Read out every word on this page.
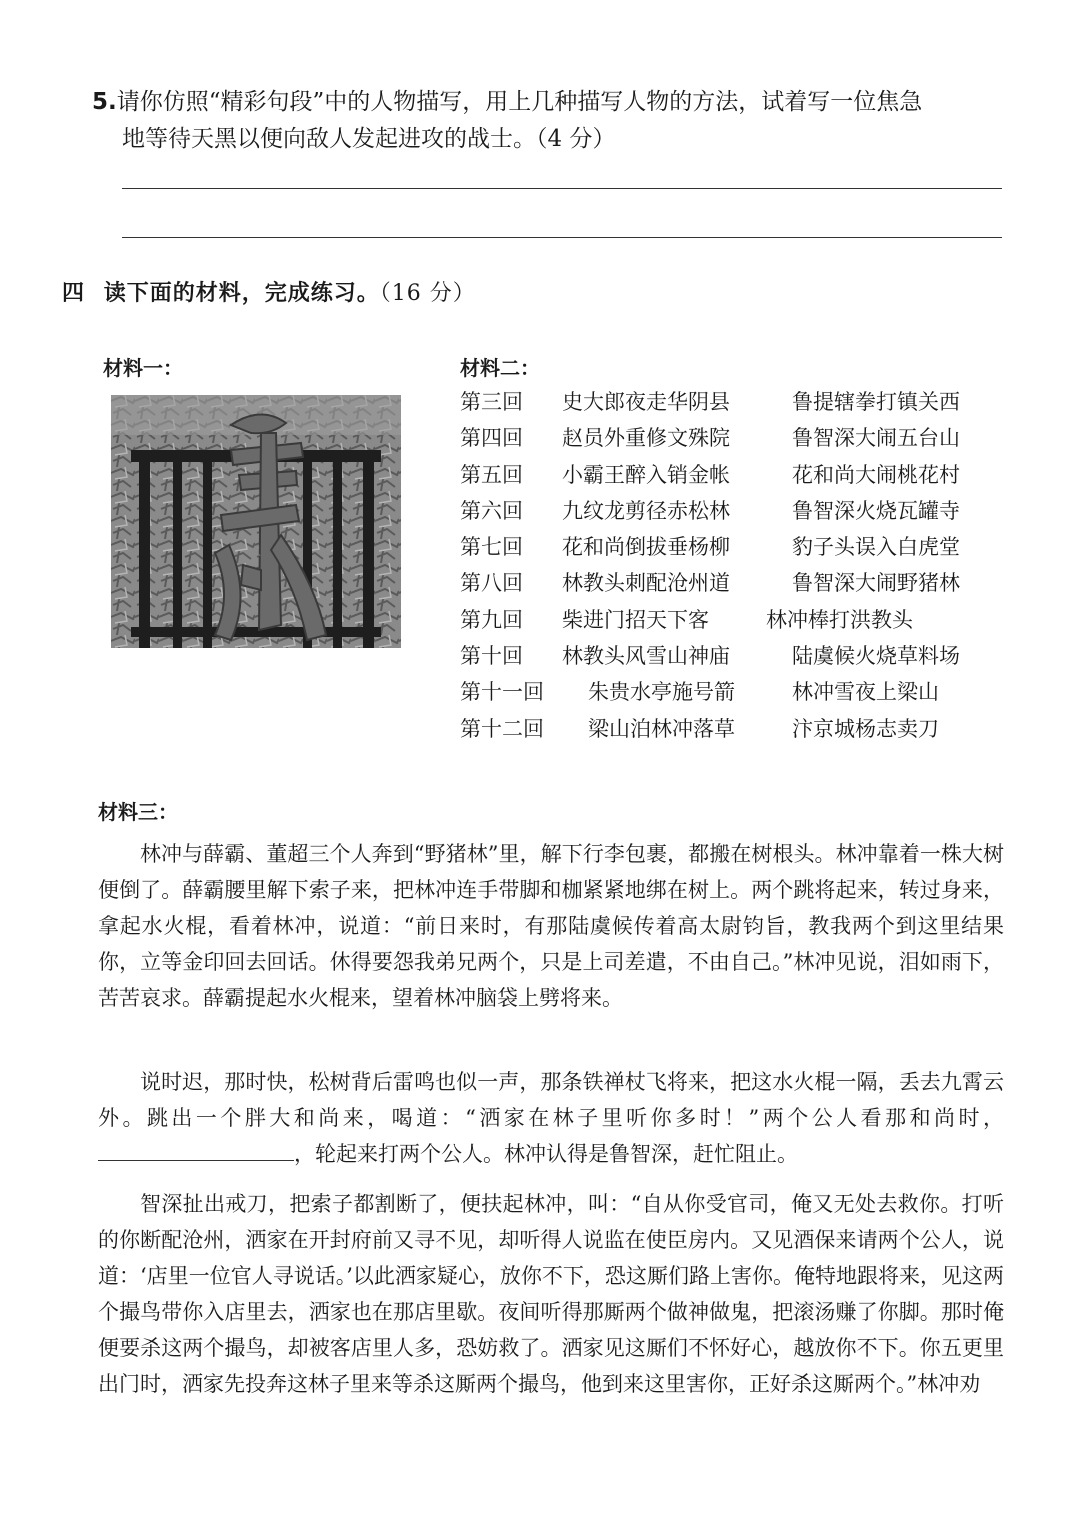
5.请你仿照“精彩句段”中的人物描写，用上几种描写人物的方法，试着写一位焦急
地等待天黑以便向敌人发起进攻的战士。（4 分）
四 读下面的材料，完成练习。（16 分）
材料一：
义
材料二：
第三回	史大郎夜走华阴县	鲁提辖拳打镇关西
第四回	赵员外重修文殊院	鲁智深大闹五台山
第五回	小霸王醉入销金帐	花和尚大闹桃花村
第六回	九纹龙剪径赤松林	鲁智深火烧瓦罐寺
第七回	花和尚倒拔垂杨柳	豹子头误入白虎堂
第八回	林教头刺配沧州道	鲁智深大闹野猪林
第九回	柴进门招天下客	林冲棒打洪教头
第十回	林教头风雪山神庙	陆虞候火烧草料场
第十一回	朱贵水亭施号箭	林冲雪夜上梁山
第十二回	梁山泊林冲落草	汴京城杨志卖刀
材料三：

林冲与薛霸、董超三个人奔到“野猪林”里，解下行李包裹，都搬在树根头。林冲靠着一株大树便倒了。薛霸腰里解下索子来，把林冲连手带脚和枷紧紧地绑在树上。两个跳将起来，转过身来，拿起水火棍，看着林冲，说道：“前日来时，有那陆虞候传着高太尉钧旨，教我两个到这里结果你，立等金印回去回话。休得要怨我弟兄两个，只是上司差遣，不由自己。”林冲见说，泪如雨下，苦苦哀求。薛霸提起水火棍来，望着林冲脑袋上劈将来。

说时迟，那时快，松树背后雷鸣也似一声，那条铁禅杖飞将来，把这水火棍一隔，丢去九霄云外。跳出一个胖大和尚来，喝道：“洒家在林子里听你多时！”两个公人看那和尚时，，轮起来打两个公人。林冲认得是鲁智深，赶忙阻止。

智深扯出戒刀，把索子都割断了，便扶起林冲，叫：“自从你受官司，俺又无处去救你。打听的你断配沧州，洒家在开封府前又寻不见，却听得人说监在使臣房内。又见酒保来请两个公人，说道：‘店里一位官人寻说话。’以此洒家疑心，放你不下，恐这厮们路上害你。俺特地跟将来，见这两个撮鸟带你入店里去，洒家也在那店里歇。夜间听得那厮两个做神做鬼，把滚汤赚了你脚。那时俺便要杀这两个撮鸟，却被客店里人多，恐妨救了。洒家见这厮们不怀好心，越放你不下。你五更里出门时，洒家先投奔这林子里来等杀这厮两个撮鸟，他到来这里害你，正好杀这厮两个。”林冲劝
